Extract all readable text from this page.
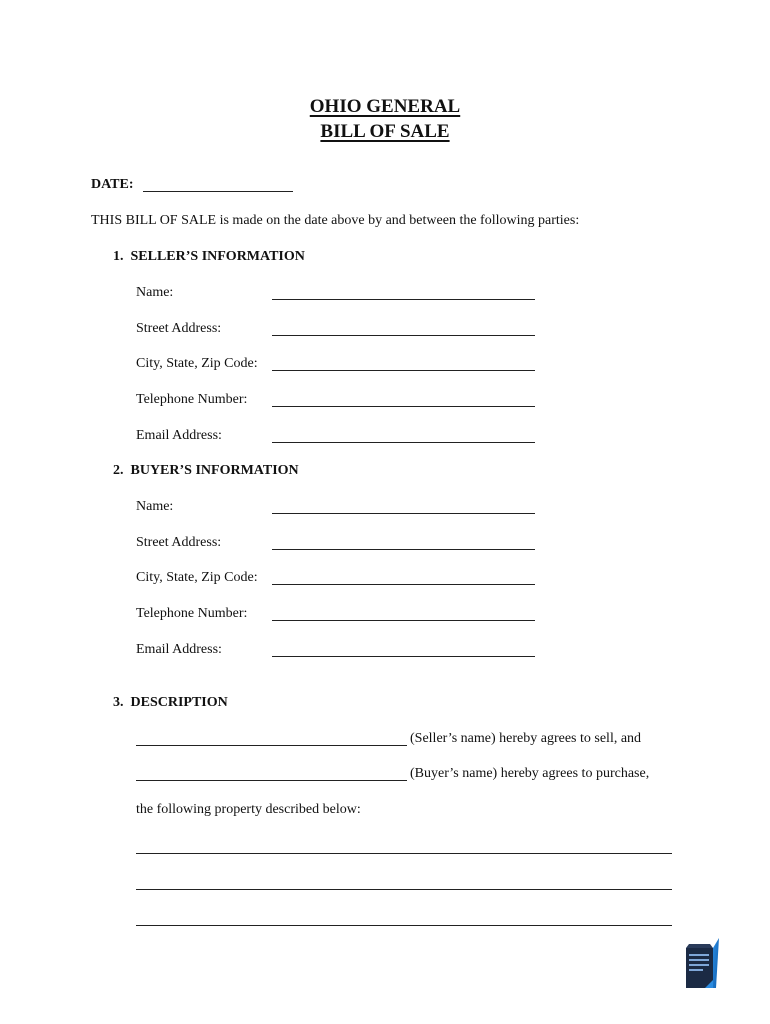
OHIO GENERAL
BILL OF SALE
DATE:
THIS BILL OF SALE is made on the date above by and between the following parties:
1. SELLER’S INFORMATION
Name:
Street Address:
City, State, Zip Code:
Telephone Number:
Email Address:
2. BUYER’S INFORMATION
Name:
Street Address:
City, State, Zip Code:
Telephone Number:
Email Address:
3. DESCRIPTION
(Seller’s name) hereby agrees to sell, and
(Buyer’s name) hereby agrees to purchase,
the following property described below:
